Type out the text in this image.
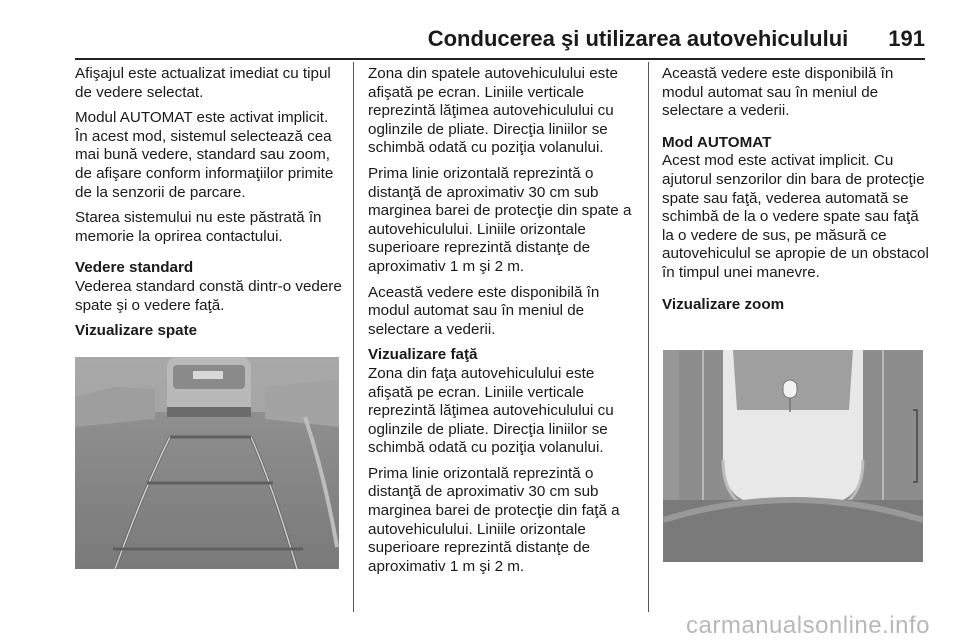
Conducerea şi utilizarea autovehiculului 191

Afişajul este actualizat imediat cu tipul de vedere selectat.

Modul AUTOMAT este activat implicit. În acest mod, sistemul selectează cea mai bună vedere, standard sau zoom, de afişare conform informaţiilor primite de la senzorii de parcare.

Starea sistemului nu este păstrată în memorie la oprirea contactului.

Vedere standard

Vederea standard constă dintr-o vedere spate şi o vedere faţă.

Vizualizare spate

Zona din spatele autovehiculului este afişată pe ecran. Liniile verticale reprezintă lăţimea autovehiculului cu oglinzile de pliate. Direcţia liniilor se schimbă odată cu poziţia volanului.

Prima linie orizontală reprezintă o distanţă de aproximativ 30 cm sub marginea barei de protecţie din spate a autovehiculului. Liniile orizontale superioare reprezintă distanţe de aproximativ 1 m şi 2 m.

Această vedere este disponibilă în modul automat sau în meniul de selectare a vederii.

Vizualizare faţă

Zona din faţa autovehiculului este afişată pe ecran. Liniile verticale reprezintă lăţimea autovehiculului cu oglinzile de pliate. Direcţia liniilor se schimbă odată cu poziţia volanului.

Prima linie orizontală reprezintă o distanţă de aproximativ 30 cm sub marginea barei de protecţie din faţă a autovehiculului. Liniile orizontale superioare reprezintă distanţe de aproximativ 1 m şi 2 m.

Această vedere este disponibilă în modul automat sau în meniul de selectare a vederii.

Mod AUTOMAT

Acest mod este activat implicit. Cu ajutorul senzorilor din bara de protecţie spate sau faţă, vederea automată se schimbă de la o vedere spate sau faţă la o vedere de sus, pe măsură ce autovehiculul se apropie de un obstacol în timpul unei manevre.

Vizualizare zoom

carmanualsonline.info
